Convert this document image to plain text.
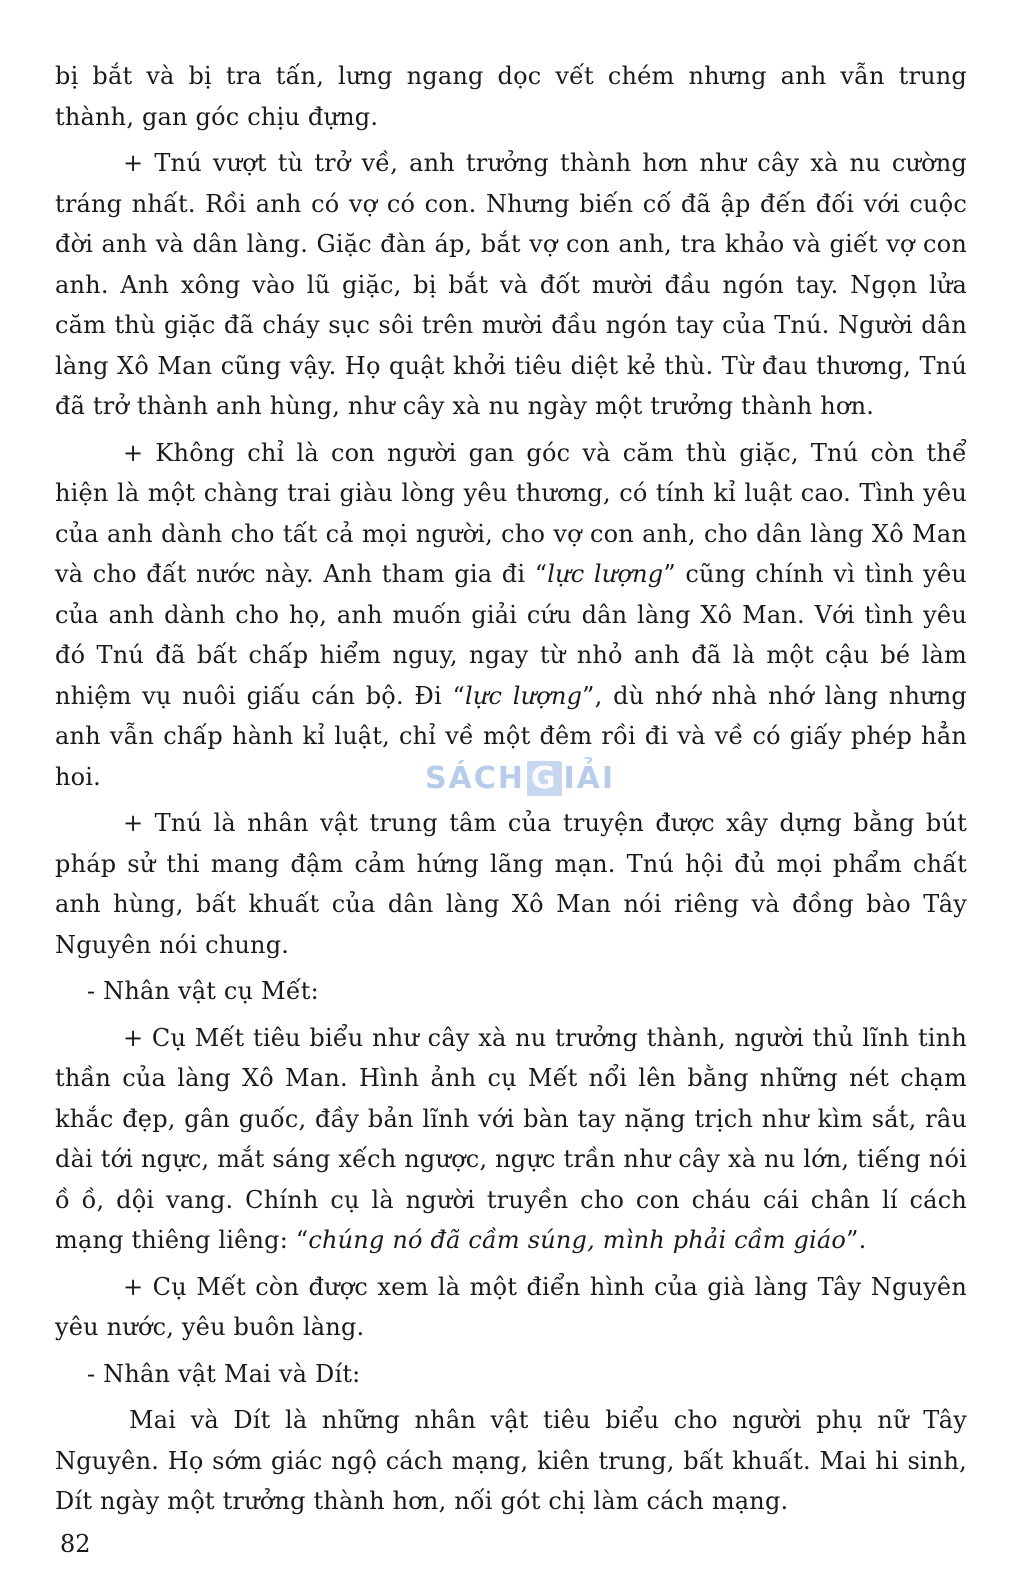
bị bắt và bị tra tấn, lưng ngang dọc vết chém nhưng anh vẫn trung thành, gan góc chịu đựng.

+ Tnú vượt tù trở về, anh trưởng thành hơn như cây xà nu cường tráng nhất. Rồi anh có vợ có con. Nhưng biến cố đã ập đến đối với cuộc đời anh và dân làng. Giặc đàn áp, bắt vợ con anh, tra khảo và giết vợ con anh. Anh xông vào lũ giặc, bị bắt và đốt mười đầu ngón tay. Ngọn lửa căm thù giặc đã cháy sục sôi trên mười đầu ngón tay của Tnú. Người dân làng Xô Man cũng vậy. Họ quật khởi tiêu diệt kẻ thù. Từ đau thương, Tnú đã trở thành anh hùng, như cây xà nu ngày một trưởng thành hơn.

+ Không chỉ là con người gan góc và căm thù giặc, Tnú còn thể hiện là một chàng trai giàu lòng yêu thương, có tính kỉ luật cao. Tình yêu của anh dành cho tất cả mọi người, cho vợ con anh, cho dân làng Xô Man và cho đất nước này. Anh tham gia đi “lực lượng” cũng chính vì tình yêu của anh dành cho họ, anh muốn giải cứu dân làng Xô Man. Với tình yêu đó Tnú đã bất chấp hiểm nguy, ngay từ nhỏ anh đã là một cậu bé làm nhiệm vụ nuôi giấu cán bộ. Đi “lực lượng”, dù nhớ nhà nhớ làng nhưng anh vẫn chấp hành kỉ luật, chỉ về một đêm rồi đi và về có giấy phép hẳn hoi.

+ Tnú là nhân vật trung tâm của truyện được xây dựng bằng bút pháp sử thi mang đậm cảm hứng lãng mạn. Tnú hội đủ mọi phẩm chất anh hùng, bất khuất của dân làng Xô Man nói riêng và đồng bào Tây Nguyên nói chung.

- Nhân vật cụ Mết:

+ Cụ Mết tiêu biểu như cây xà nu trưởng thành, người thủ lĩnh tinh thần của làng Xô Man. Hình ảnh cụ Mết nổi lên bằng những nét chạm khắc đẹp, gân guốc, đầy bản lĩnh với bàn tay nặng trịch như kìm sắt, râu dài tới ngực, mắt sáng xếch ngược, ngực trần như cây xà nu lớn, tiếng nói ồ ồ, dội vang. Chính cụ là người truyền cho con cháu cái chân lí cách mạng thiêng liêng: “chúng nó đã cầm súng, mình phải cầm giáo”.

+ Cụ Mết còn được xem là một điển hình của già làng Tây Nguyên yêu nước, yêu buôn làng.

- Nhân vật Mai và Dít:

Mai và Dít là những nhân vật tiêu biểu cho người phụ nữ Tây Nguyên. Họ sớm giác ngộ cách mạng, kiên trung, bất khuất. Mai hi sinh, Dít ngày một trưởng thành hơn, nối gót chị làm cách mạng.

SÁCH G IẢI
82
